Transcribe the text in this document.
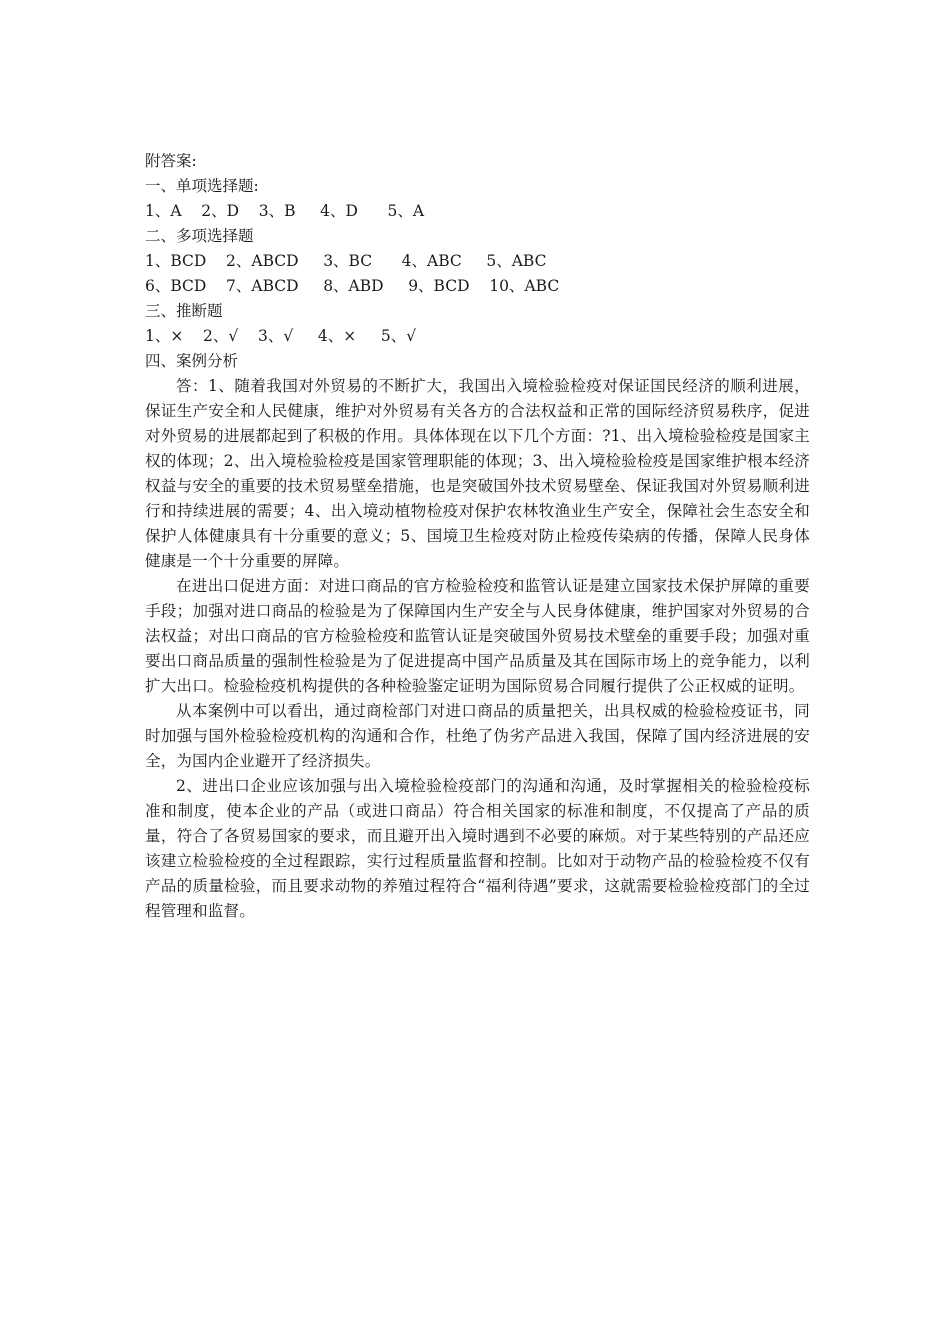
附答案:

一、单项选择题:

1、A    2、D    3、B     4、D      5、A

二、多项选择题

1、BCD    2、ABCD     3、BC      4、ABC     5、ABC

6、BCD    7、ABCD     8、ABD     9、BCD    10、ABC

三、推断题

1、×    2、√    3、√     4、×     5、√

四、案例分析

答：1、随着我国对外贸易的不断扩大，我国出入境检验检疫对保证国民经济的顺利进展，保证生产安全和人民健康，维护对外贸易有关各方的合法权益和正常的国际经济贸易秩序，促进对外贸易的进展都起到了积极的作用。具体体现在以下几个方面：?1、出入境检验检疫是国家主权的体现；2、出入境检验检疫是国家管理职能的体现；3、出入境检验检疫是国家维护根本经济权益与安全的重要的技术贸易壁垒措施，也是突破国外技术贸易壁垒、保证我国对外贸易顺利进行和持续进展的需要；4、出入境动植物检疫对保护农林牧渔业生产安全，保障社会生态安全和保护人体健康具有十分重要的意义；5、国境卫生检疫对防止检疫传染病的传播，保障人民身体健康是一个十分重要的屏障。

在进出口促进方面：对进口商品的官方检验检疫和监管认证是建立国家技术保护屏障的重要手段；加强对进口商品的检验是为了保障国内生产安全与人民身体健康，维护国家对外贸易的合法权益；对出口商品的官方检验检疫和监管认证是突破国外贸易技术壁垒的重要手段；加强对重要出口商品质量的强制性检验是为了促进提高中国产品质量及其在国际市场上的竞争能力，以利扩大出口。检验检疫机构提供的各种检验鉴定证明为国际贸易合同履行提供了公正权威的证明。

从本案例中可以看出，通过商检部门对进口商品的质量把关，出具权威的检验检疫证书，同时加强与国外检验检疫机构的沟通和合作，杜绝了伪劣产品进入我国，保障了国内经济进展的安全，为国内企业避开了经济损失。

2、进出口企业应该加强与出入境检验检疫部门的沟通和沟通，及时掌握相关的检验检疫标准和制度，使本企业的产品（或进口商品）符合相关国家的标准和制度，不仅提高了产品的质量，符合了各贸易国家的要求，而且避开出入境时遇到不必要的麻烦。对于某些特别的产品还应该建立检验检疫的全过程跟踪，实行过程质量监督和控制。比如对于动物产品的检验检疫不仅有产品的质量检验，而且要求动物的养殖过程符合“福利待遇”要求，这就需要检验检疫部门的全过程管理和监督。
